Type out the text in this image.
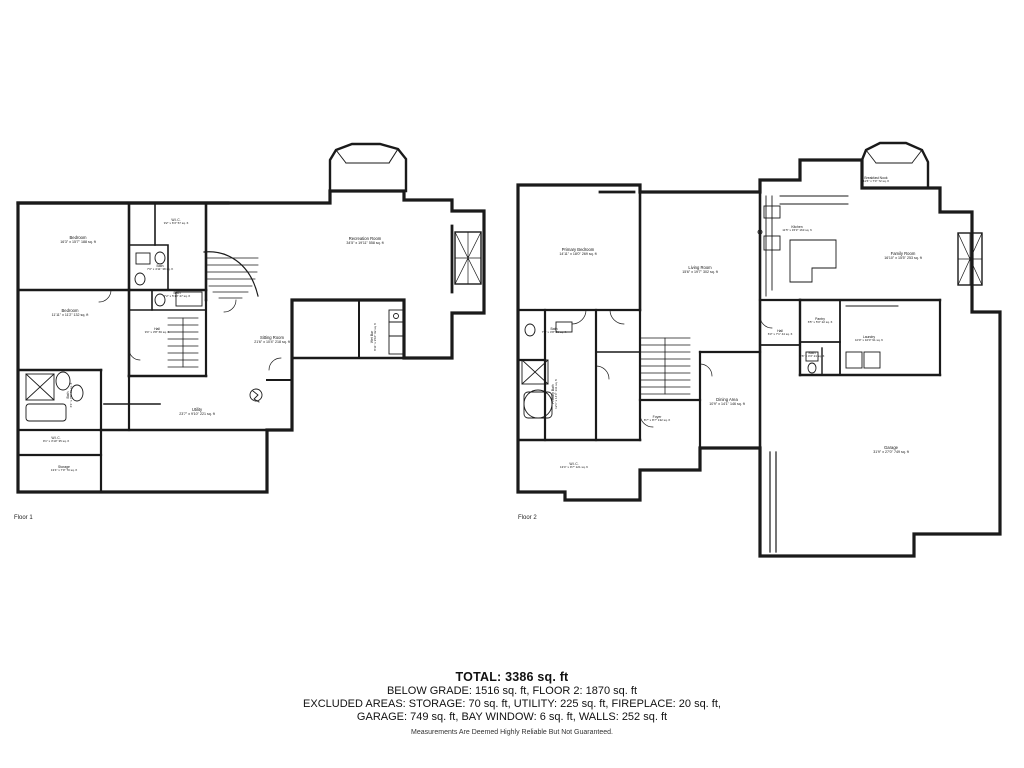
Floor 1	Floor 2
Bedroom
16'3" x 15'7" 188 sq. ft
W.I.C.
9'2" x 6'3" 57 sq. ft
Bath
7'0" x 4'11" 38 sq. ft
Bath
7'2" x 5'10" 27 sq. ft
Bedroom
11'11" x 11'2" 132 sq. ft
Hall
9'4" x 3'8" 66 sq. ft
Recreation Room
34'5" x 19'11" 558 sq. ft
Sitting Room
21'6" x 10'4" 218 sq. ft	Wet Bar 8'11" x 9'10" 92 sq. ft
Bath 6'1" x 7'5" 46 sq. ft
Utility
23'7" x 9'10" 221 sq. ft
W.I.C.
9'1" x 3'10" 35 sq. ft
Storage
13'4" x 7'0" 70 sq. ft
Primary Bedroom
14'11" x 18'0" 269 sq. ft
Living Room
15'6" x 19'7" 302 sq. ft
Breakfast Nook
11'6" x 7'0" 72 sq. ft
Kitchen
11'5" x 15'3" 163 sq. ft
Family Room
16'10" x 15'5" 253 sq. ft
Bath
7'0" x 4'8" 21 sq. ft
Pantry
6'5" x 5'0" 22 sq. ft
Hall
6'3" x 7'1" 44 sq. ft
Laundry
10'0" x 10'0" 91 sq. ft
Bath
4'6" x 4'3" 21 sq. ft
Primary Bath 12'1" x 14'4" 131 sq. ft	Dining Area
10'9" x 14'1" 146 sq. ft
Foyer
8'7" x 8'7" 132 sq. ft
W.I.C.
13'4" x 9'7" 121 sq. ft
Garage
31'9" x 27'0" 749 sq. ft
TOTAL: 3386 sq. ft
BELOW GRADE: 1516 sq. ft, FLOOR 2: 1870 sq. ft
EXCLUDED AREAS: STORAGE: 70 sq. ft, UTILITY: 225 sq. ft, FIREPLACE: 20 sq. ft,
GARAGE: 749 sq. ft, BAY WINDOW: 6 sq. ft, WALLS: 252 sq. ft
Measurements Are Deemed Highly Reliable But Not Guaranteed.
